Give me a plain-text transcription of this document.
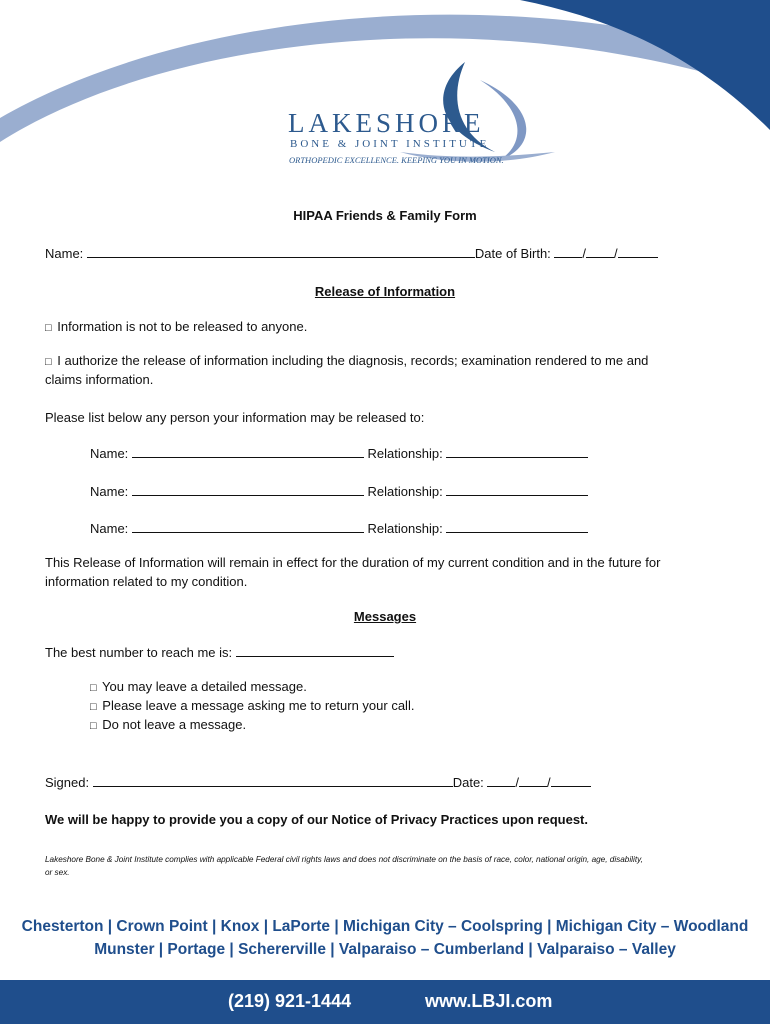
LAKESHORE
BONE & JOINT INSTITUTE
ORTHOPEDIC EXCELLENCE. KEEPING YOU IN MOTION.
HIPAA Friends & Family Form
Name:	Date of Birth: / /
Release of Information
□ Information is not to be released to anyone.
□ I authorize the release of information including the diagnosis, records; examination rendered to me and
claims information.
Please list below any person your information may be released to:
Name:	Relationship:
Name:	Relationship:
Name:	Relationship:
This Release of Information will remain in effect for the duration of my current condition and in the future for
information related to my condition.
Messages
The best number to reach me is:
□ You may leave a detailed message.
□ Please leave a message asking me to return your call.
□ Do not leave a message.
Signed:	Date: / /
We will be happy to provide you a copy of our Notice of Privacy Practices upon request.
Lakeshore Bone & Joint Institute complies with applicable Federal civil rights laws and does not discriminate on the basis of race, color, national origin, age, disability,
or sex.
Chesterton | Crown Point | Knox | LaPorte | Michigan City – Coolspring | Michigan City – Woodland
Munster | Portage | Schererville | Valparaiso – Cumberland | Valparaiso – Valley
(219) 921-1444	www.LBJI.com
